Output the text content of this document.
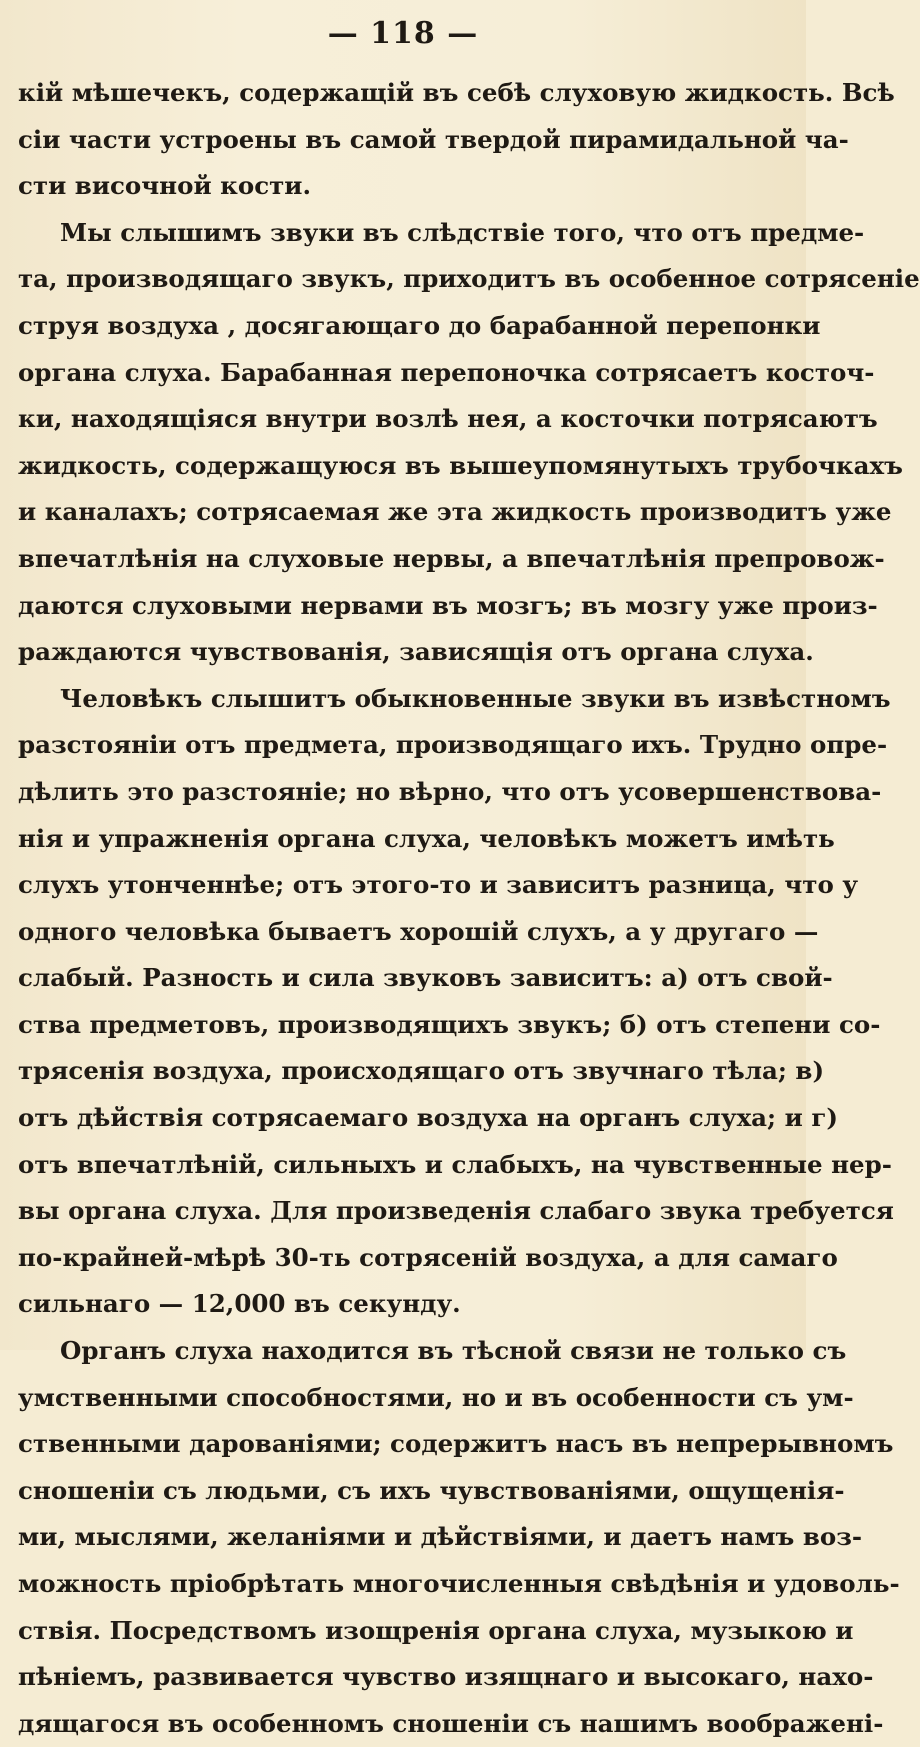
— 118 —
кій мѣшечекъ, содержащій въ себѣ слуховую жидкость. Всѣ
сіи части устроены въ самой твердой пирамидальной ча-
сти височной кости.
Мы слышимъ звуки въ слѣдствіе того, что отъ предме-
та, производящаго звукъ, приходитъ въ особенное сотрясеніе
струя воздуха , досягающаго до барабанной перепонки
органа слуха. Барабанная перепоночка сотрясаетъ косточ-
ки, находящіяся внутри возлѣ нея, а косточки потрясаютъ
жидкость, содержащуюся въ вышеупомянутыхъ трубочкахъ
и каналахъ; сотрясаемая же эта жидкость производитъ уже
впечатлѣнія на слуховые нервы, а впечатлѣнія препровож-
даются слуховыми нервами въ мозгъ; въ мозгу уже произ-
раждаются чувствованія, зависящія отъ органа слуха.
Человѣкъ слышитъ обыкновенные звуки въ извѣстномъ
разстояніи отъ предмета, производящаго ихъ. Трудно опре-
дѣлить это разстояніе; но вѣрно, что отъ усовершенствова-
нія и упражненія органа слуха, человѣкъ можетъ имѣть
слухъ утонченнѣе; отъ этого-то и зависитъ разница, что у
одного человѣка бываетъ хорошій слухъ, а у другаго —
слабый. Разность и сила звуковъ зависитъ: а) отъ свой-
ства предметовъ, производящихъ звукъ; б) отъ степени со-
трясенія воздуха, происходящаго отъ звучнаго тѣла; в)
отъ дѣйствія сотрясаемаго воздуха на органъ слуха; и г)
отъ впечатлѣній, сильныхъ и слабыхъ, на чувственные нер-
вы органа слуха. Для произведенія слабаго звука требуется
по-крайней-мѣрѣ 30-ть сотрясеній воздуха, а для самаго
сильнаго — 12,000 въ секунду.
Органъ слуха находится въ тѣсной связи не только съ
умственными способностями, но и въ особенности съ ум-
ственными дарованіями; содержитъ насъ въ непрерывномъ
сношеніи съ людьми, съ ихъ чувствованіями, ощущенія-
ми, мыслями, желаніями и дѣйствіями, и даетъ намъ воз-
можность пріобрѣтать многочисленныя свѣдѣнія и удоволь-
ствія. Посредствомъ изощренія органа слуха, музыкою и
пѣніемъ, развивается чувство изящнаго и высокаго, нахо-
дящагося въ особенномъ сношеніи съ нашимъ воображені-
